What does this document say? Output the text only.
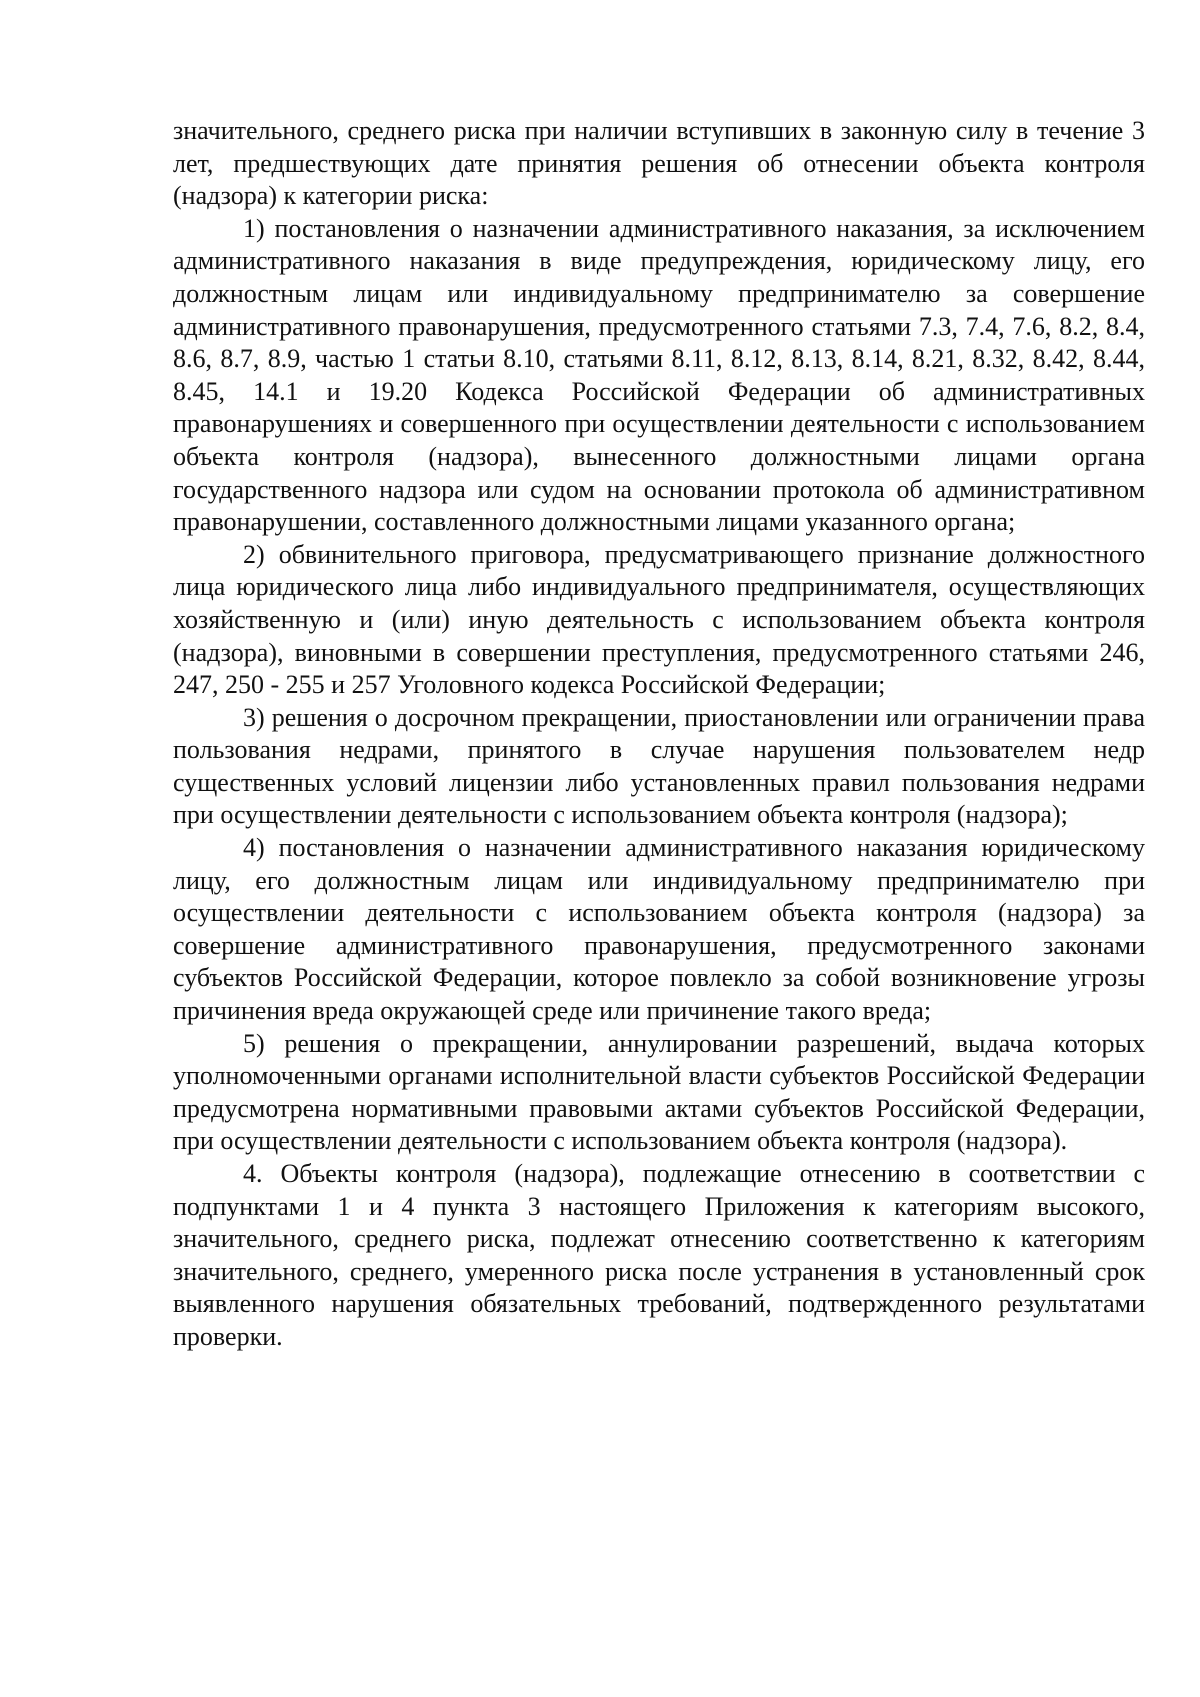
значительного, среднего риска при наличии вступивших в законную силу в течение 3 лет, предшествующих дате принятия решения об отнесении объекта контроля (надзора) к категории риска:

1) постановления о назначении административного наказания, за исключением административного наказания в виде предупреждения, юридическому лицу, его должностным лицам или индивидуальному предпринимателю за совершение административного правонарушения, предусмотренного статьями 7.3, 7.4, 7.6, 8.2, 8.4, 8.6, 8.7, 8.9, частью 1 статьи 8.10, статьями 8.11, 8.12, 8.13, 8.14, 8.21, 8.32, 8.42, 8.44, 8.45, 14.1 и 19.20 Кодекса Российской Федерации об административных правонарушениях и совершенного при осуществлении деятельности с использованием объекта контроля (надзора), вынесенного должностными лицами органа государственного надзора или судом на основании протокола об административном правонарушении, составленного должностными лицами указанного органа;

2) обвинительного приговора, предусматривающего признание должностного лица юридического лица либо индивидуального предпринимателя, осуществляющих хозяйственную и (или) иную деятельность с использованием объекта контроля (надзора), виновными в совершении преступления, предусмотренного статьями 246, 247, 250 - 255 и 257 Уголовного кодекса Российской Федерации;

3) решения о досрочном прекращении, приостановлении или ограничении права пользования недрами, принятого в случае нарушения пользователем недр существенных условий лицензии либо установленных правил пользования недрами при осуществлении деятельности с использованием объекта контроля (надзора);

4) постановления о назначении административного наказания юридическому лицу, его должностным лицам или индивидуальному предпринимателю при осуществлении деятельности с использованием объекта контроля (надзора) за совершение административного правонарушения, предусмотренного законами субъектов Российской Федерации, которое повлекло за собой возникновение угрозы причинения вреда окружающей среде или причинение такого вреда;

5) решения о прекращении, аннулировании разрешений, выдача которых уполномоченными органами исполнительной власти субъектов Российской Федерации предусмотрена нормативными правовыми актами субъектов Российской Федерации, при осуществлении деятельности с использованием объекта контроля (надзора).

4. Объекты контроля (надзора), подлежащие отнесению в соответствии с подпунктами 1 и 4 пункта 3 настоящего Приложения к категориям высокого, значительного, среднего риска, подлежат отнесению соответственно к категориям значительного, среднего, умеренного риска после устранения в установленный срок выявленного нарушения обязательных требований, подтвержденного результатами проверки.
